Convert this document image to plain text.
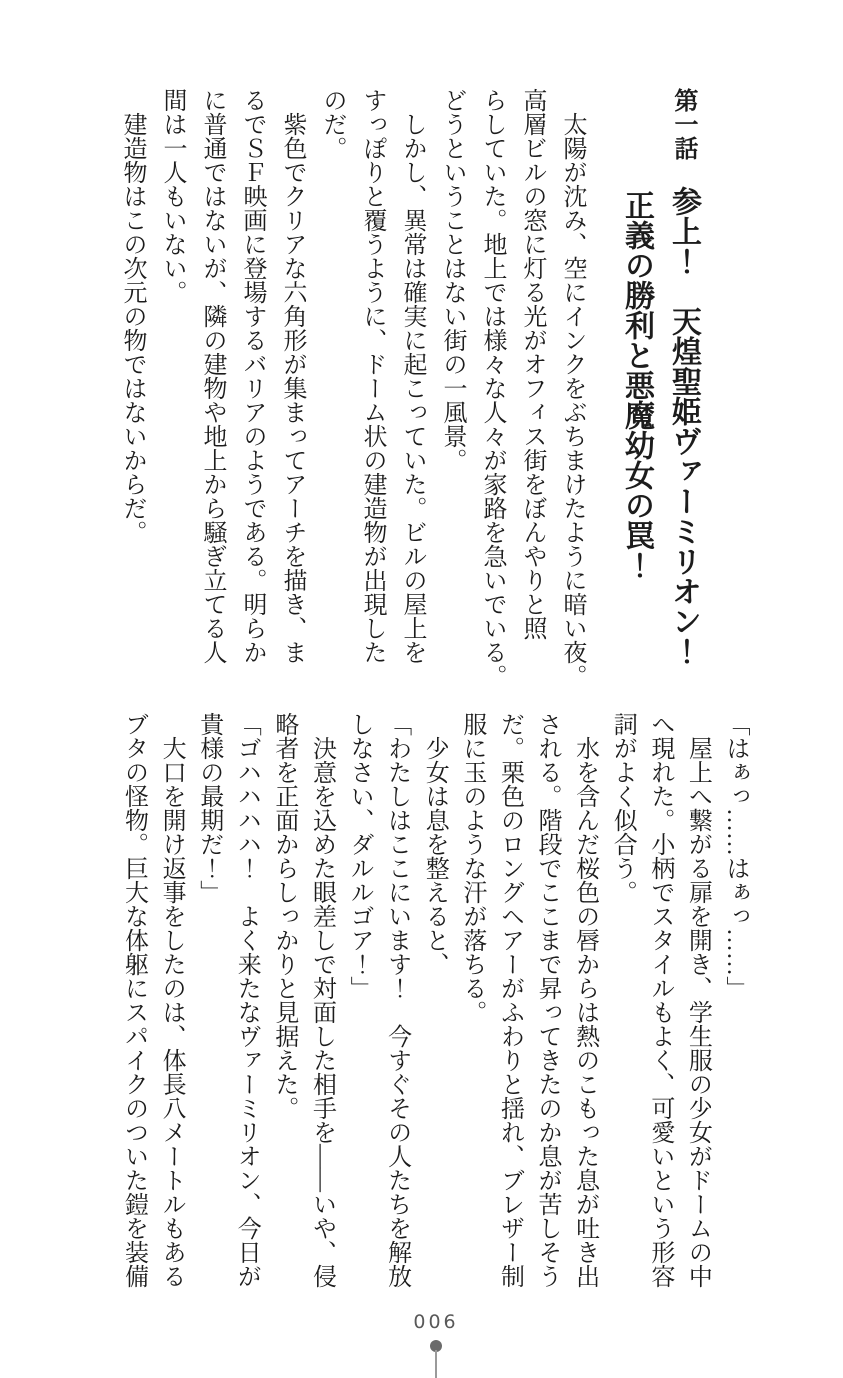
第一話参上！　天煌聖姫ヴァーミリオン！
正義の勝利と悪魔幼女の罠！

　太陽が沈み、空にインクをぶちまけたように暗い夜。

高層ビルの窓に灯る光がオフィス街をぼんやりと照

らしていた。地上では様々な人々が家路を急いでいる。

どうということはない街の一風景。

　しかし、異常は確実に起こっていた。ビルの屋上を

すっぽりと覆うように、ドーム状の建造物が出現した

のだ。

　紫色でクリアな六角形が集まってアーチを描き、ま

るでＳＦ映画に登場するバリアのようである。明らか

に普通ではないが、隣の建物や地上から騒ぎ立てる人

間は一人もいない。

　建造物はこの次元の物ではないからだ。

「はぁっ……はぁっ……」

　屋上へ繋がる扉を開き、学生服の少女がドームの中

へ現れた。小柄でスタイルもよく、可愛いという形容

詞がよく似合う。

　水を含んだ桜色の唇からは熱のこもった息が吐き出

される。階段でここまで昇ってきたのか息が苦しそう

だ。栗色のロングヘアーがふわりと揺れ、ブレザー制

服に玉のような汗が落ちる。

　少女は息を整えると、

「わたしはここにいます！　今すぐその人たちを解放

しなさい、ダルルゴア！」

　決意を込めた眼差しで対面した相手を――いや、侵

略者を正面からしっかりと見据えた。

「ゴハハハハ！　よく来たなヴァーミリオン、今日が

貴様の最期だ！」

　大口を開け返事をしたのは、体長八メートルもある

ブタの怪物。巨大な体躯にスパイクのついた鎧を装備

006
